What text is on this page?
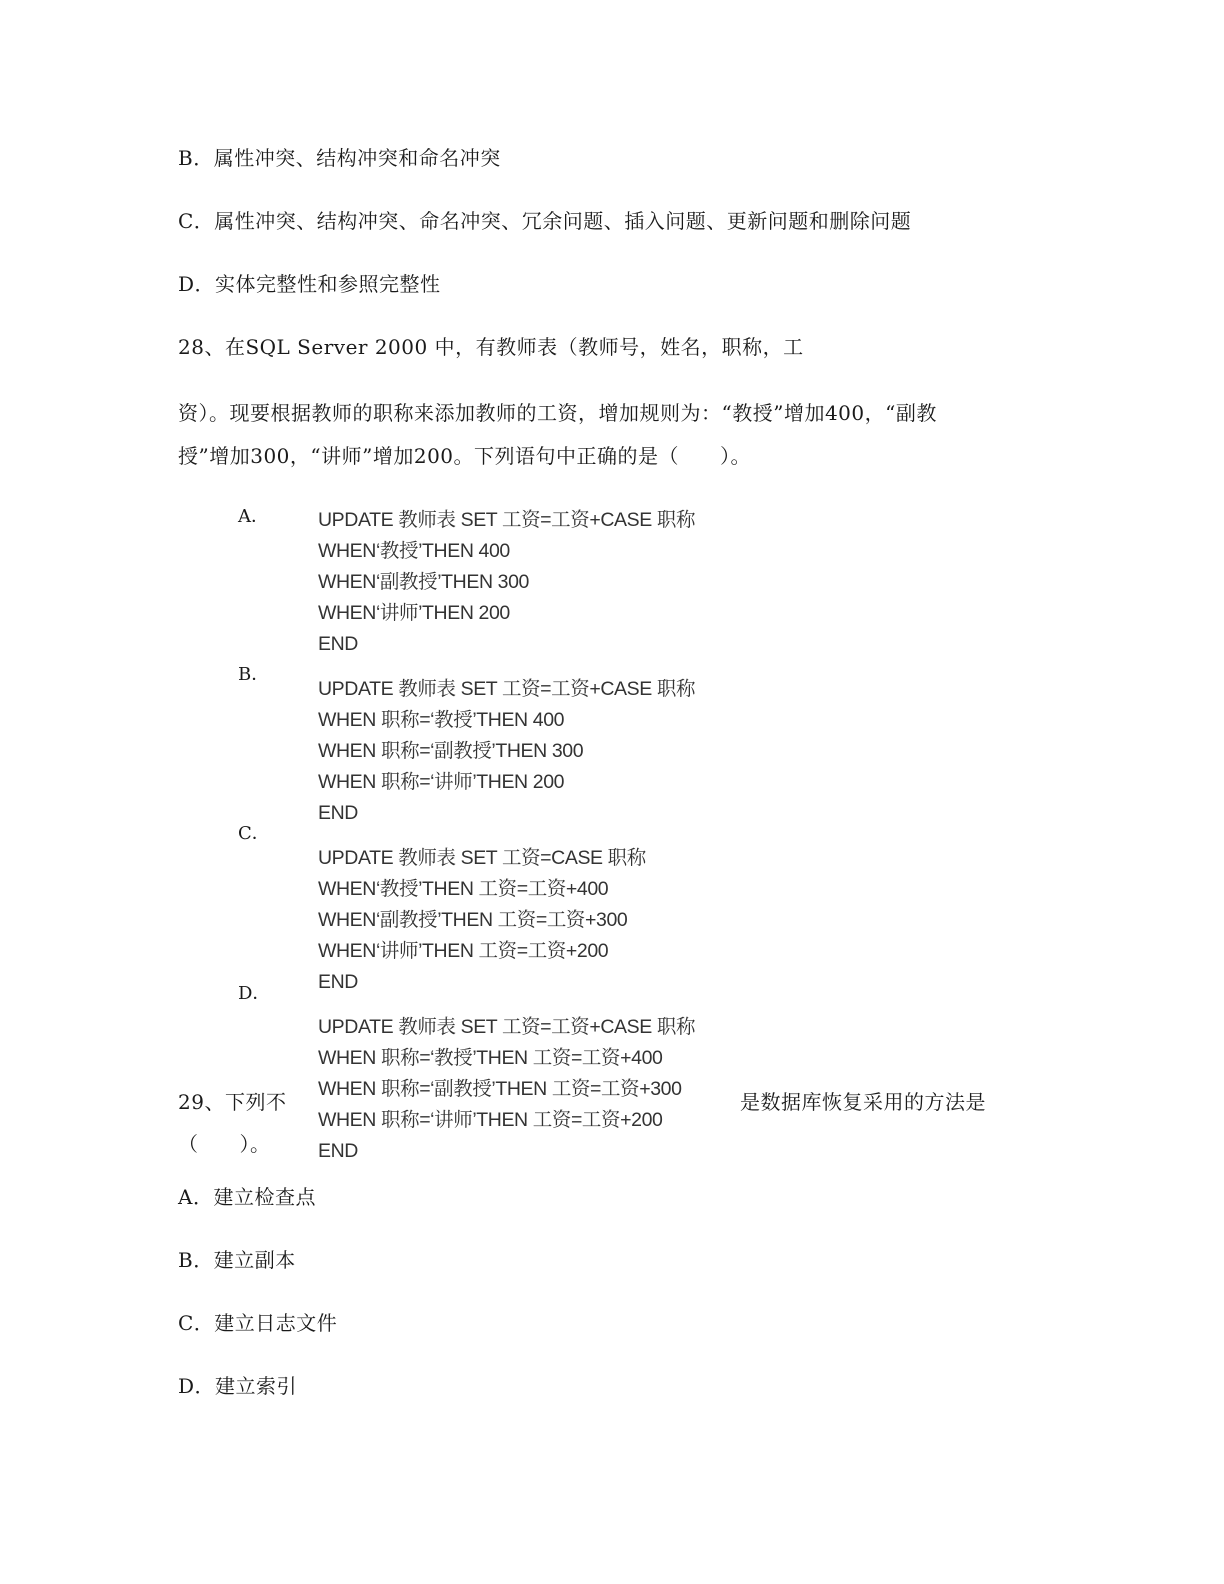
B．属性冲突、结构冲突和命名冲突
C．属性冲突、结构冲突、命名冲突、冗余问题、插入问题、更新问题和删除问题
D．实体完整性和参照完整性
28、在SQL Server 2000 中，有教师表（教师号，姓名，职称，工
资）。现要根据教师的职称来添加教师的工资，增加规则为：“教授”增加400，“副教
授”增加300，“讲师”增加200。下列语句中正确的是（　　）。
A．	UPDATE 教师表 SET 工资=工资+CASE 职称
WHEN‘教授’THEN 400
WHEN‘副教授’THEN 300
WHEN‘讲师’THEN 200
END
B．
UPDATE 教师表 SET 工资=工资+CASE 职称
WHEN 职称=‘教授’THEN 400
WHEN 职称=‘副教授’THEN 300
WHEN 职称=‘讲师’THEN 200
END
C．
UPDATE 教师表 SET 工资=CASE 职称
WHEN‘教授’THEN 工资=工资+400
WHEN‘副教授’THEN 工资=工资+300
WHEN‘讲师’THEN 工资=工资+200
END
D．
UPDATE 教师表 SET 工资=工资+CASE 职称
WHEN 职称=‘教授’THEN 工资=工资+400
WHEN 职称=‘副教授’THEN 工资=工资+300
WHEN 职称=‘讲师’THEN 工资=工资+200
END
29、下列不	是数据库恢复采用的方法是
（　　）。
A．建立检查点
B．建立副本
C．建立日志文件
D．建立索引
